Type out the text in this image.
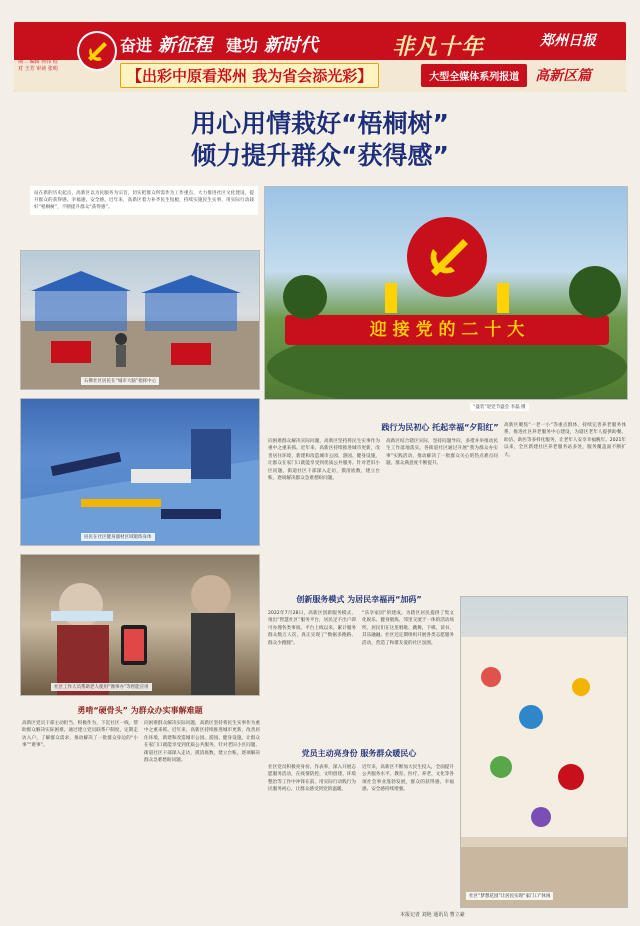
8
2022年3月1日 星期二 编辑 何伟 校对 王芳 审读 张明
奋进 新征程 建功 新时代	非凡十年	郑州日报
【出彩中原看郑州 我为省会添光彩】	大型全媒体系列报道	高新区篇
用心用情栽好“梧桐树”
倾力提升群众“获得感”
站在新的历史起点，高新区以为民服务为宗旨，切实把群众所需作为工作重点，大力推进社区文化建设，提升群众的获得感、幸福感、安全感。近年来，高新区着力补齐民生短板，持续实施民生实事，用实际行动栽好“梧桐树”，不断提升群众“获得感”。
迎 接 党 的 二 十 大
“盛装”迎党节盛会 李磊 摄
石佛社区居民在“城市大脑”指挥中心
居民在社区健身器材区域锻炼身体
社区工作人员帮助老人使用“豫事办”等智能应用
社区“梦想花园”让居民实现“家门口”休闲
践行为民初心 托起幸福“夕阳红”
创新服务模式 为居民幸福再“加码”
党员主动亮身份 服务群众暖民心
勇啃“硬骨头” 为群众办实事解难题
向困难群众解决实际问题，高新区坚持将民生实事作为重中之重来抓。近年来，高新区持续推进城市更新，改善居住环境，新建和改造城市公园、游园、健身设施，让群众在家门口就能享受到优质公共服务。针对老旧小区问题，街道社区干部深入走访，摸清底数，建立台账，逐项解决群众急难愁盼问题。
高新区结合辖区实际，坚持问题导向，多措并举推动民生工作落地落实。各街道社区通过开展“我为群众办实事”实践活动，推动解决了一批群众关心的热点难点问题，群众满意度不断提升。
高新区聚焦“一老一小”等重点群体，持续完善养老服务体系，推进社区养老服务中心建设，为辖区老年人提供助餐、助洁、助医等多样化服务，让老年人安享幸福晚年。2021年以来，全区新建社区养老服务站多处，服务覆盖面不断扩大。
2022年7月28日，高新区创新服务模式，推出“智慧社区”服务平台，居民足不出户即可办理各类事项。平台上线以来，累计服务群众数万人次，真正实现了“数据多跑路、群众少跑腿”。
“乐享家园”的建成，为辖区居民提供了集文化娱乐、健身锻炼、邻里交流于一体的活动场所。居民们在这里唱歌、跳舞、下棋、读书，其乐融融。社区还定期组织开展各类志愿服务活动，营造了和谐友爱的社区氛围。
社区党员积极亮身份、作表率，深入开展志愿服务活动，在疫情防控、文明创建、环境整治等工作中冲锋在前，用实际行动践行为民服务初心，让群众感受到党的温暖。
近年来，高新区不断加大民生投入，全面提升公共服务水平。教育、医疗、养老、文化等各项社会事业蓬勃发展，群众的获得感、幸福感、安全感持续增强。
高新区党员干部主动担当、积极作为，下沉社区一线，帮助群众解决实际困难。通过建立党员联系户制度，定期走访入户，了解群众需求，推动解决了一批群众身边的“小事”“难事”。
向困难群众解决实际问题，高新区坚持将民生实事作为重中之重来抓。近年来，高新区持续推进城市更新，改善居住环境，新建和改造城市公园、游园、健身设施，让群众在家门口就能享受到优质公共服务。针对老旧小区问题，街道社区干部深入走访，摸清底数，建立台账，逐项解决群众急难愁盼问题。
本报记者 刘艳 通讯员 曹立豪
